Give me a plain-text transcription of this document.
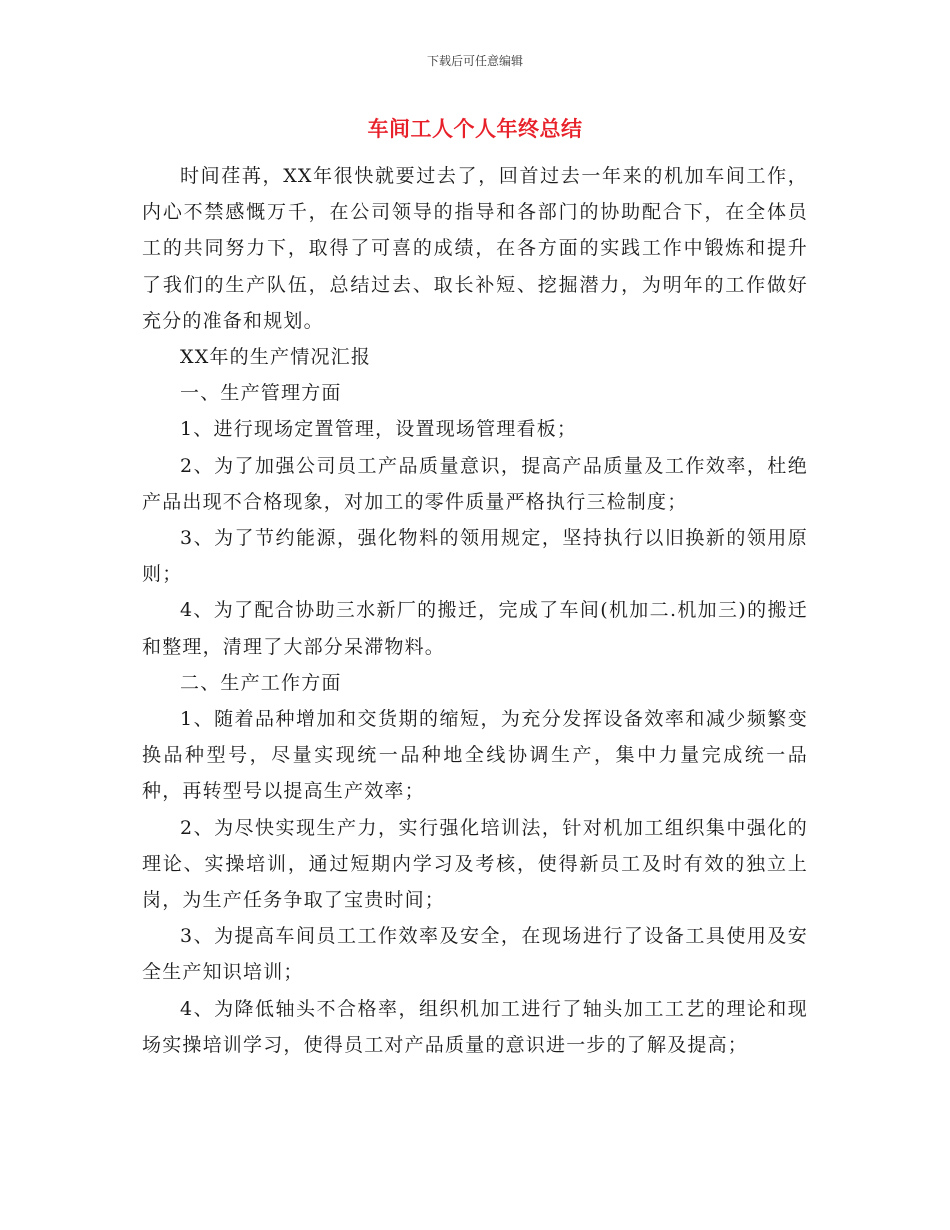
下载后可任意编辑
车间工人个人年终总结

时间荏苒，XX年很快就要过去了，回首过去一年来的机加车间工作，内心不禁感慨万千，在公司领导的指导和各部门的协助配合下，在全体员工的共同努力下，取得了可喜的成绩，在各方面的实践工作中锻炼和提升了我们的生产队伍，总结过去、取长补短、挖掘潜力，为明年的工作做好充分的准备和规划。

XX年的生产情况汇报

一、生产管理方面

1、进行现场定置管理，设置现场管理看板；

2、为了加强公司员工产品质量意识，提高产品质量及工作效率，杜绝产品出现不合格现象，对加工的零件质量严格执行三检制度；

3、为了节约能源，强化物料的领用规定，坚持执行以旧换新的领用原则；

4、为了配合协助三水新厂的搬迁，完成了车间(机加二.机加三)的搬迁和整理，清理了大部分呆滞物料。

二、生产工作方面

1、随着品种增加和交货期的缩短，为充分发挥设备效率和减少频繁变换品种型号，尽量实现统一品种地全线协调生产，集中力量完成统一品种，再转型号以提高生产效率；

2、为尽快实现生产力，实行强化培训法，针对机加工组织集中强化的理论、实操培训，通过短期内学习及考核，使得新员工及时有效的独立上岗，为生产任务争取了宝贵时间；

3、为提高车间员工工作效率及安全，在现场进行了设备工具使用及安全生产知识培训；

4、为降低轴头不合格率，组织机加工进行了轴头加工工艺的理论和现场实操培训学习，使得员工对产品质量的意识进一步的了解及提高；
